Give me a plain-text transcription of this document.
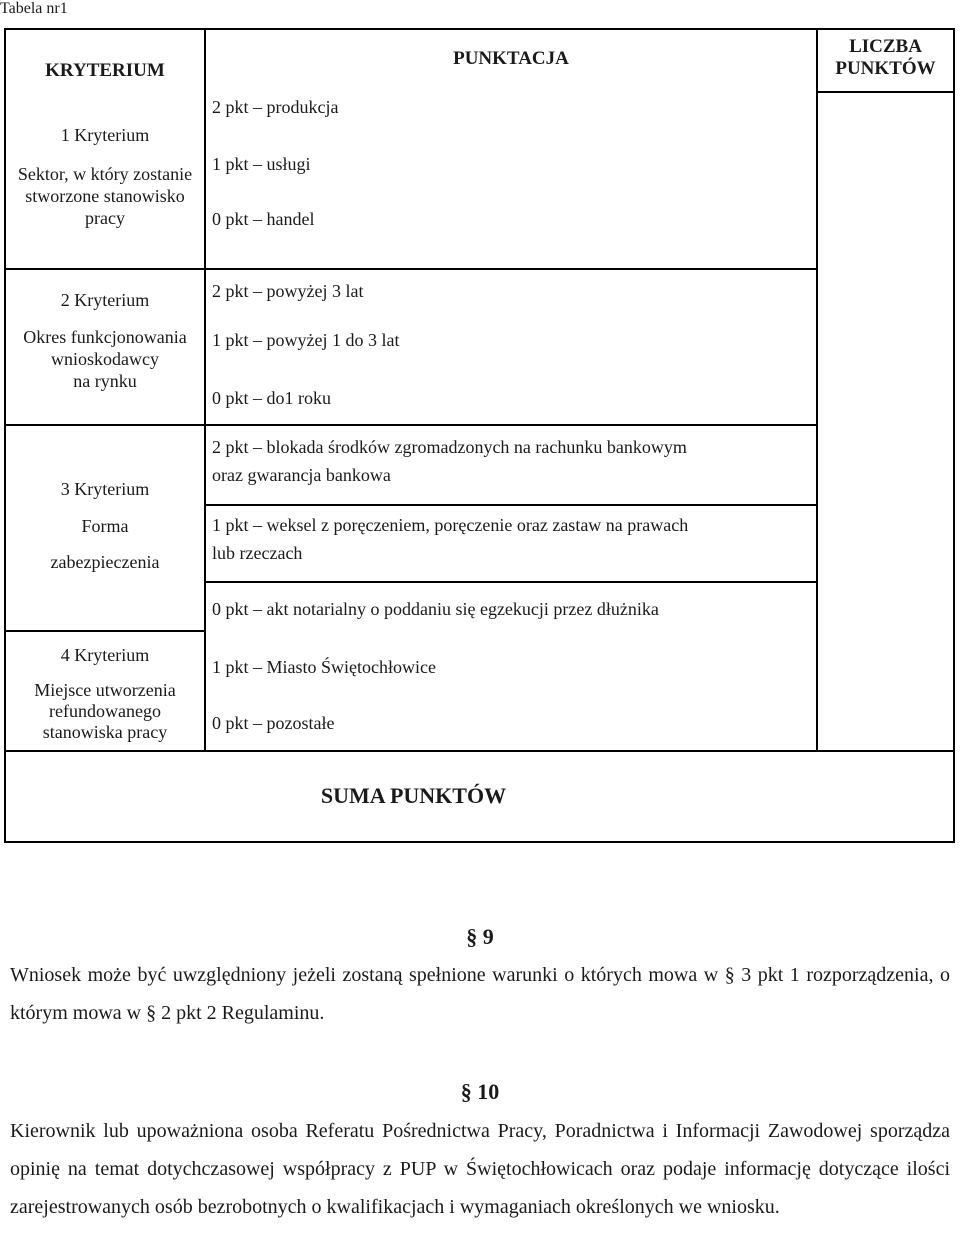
Tabela nr1
KRYTERIUM
PUNKTACJA
LICZBA
PUNKTÓW
1 Kryterium
Sektor, w który zostanie
stworzone stanowisko
pracy
2 pkt – produkcja
1 pkt – usługi
0 pkt – handel
2 Kryterium
Okres funkcjonowania
wnioskodawcy
na rynku
2 pkt – powyżej 3 lat
1 pkt – powyżej 1 do 3 lat
0 pkt – do1 roku
3 Kryterium
Forma
zabezpieczenia
2 pkt – blokada środków zgromadzonych na rachunku bankowym
oraz gwarancja bankowa
1 pkt – weksel z poręczeniem, poręczenie oraz zastaw na prawach
lub rzeczach
0 pkt – akt notarialny o poddaniu się egzekucji przez dłużnika
4 Kryterium
Miejsce utworzenia
refundowanego
stanowiska pracy
1 pkt – Miasto Świętochłowice
0 pkt – pozostałe
SUMA PUNKTÓW
§ 9
Wniosek może być uwzględniony jeżeli zostaną spełnione warunki o których mowa w § 3 pkt 1 rozporządzenia, o którym mowa w § 2 pkt 2 Regulaminu.
§ 10
Kierownik lub upoważniona osoba Referatu Pośrednictwa Pracy, Poradnictwa i Informacji Zawodowej sporządza opinię na temat dotychczasowej współpracy z PUP w Świętochłowicach oraz podaje informację dotyczące ilości zarejestrowanych osób bezrobotnych o kwalifikacjach i wymaganiach określonych we wniosku.
